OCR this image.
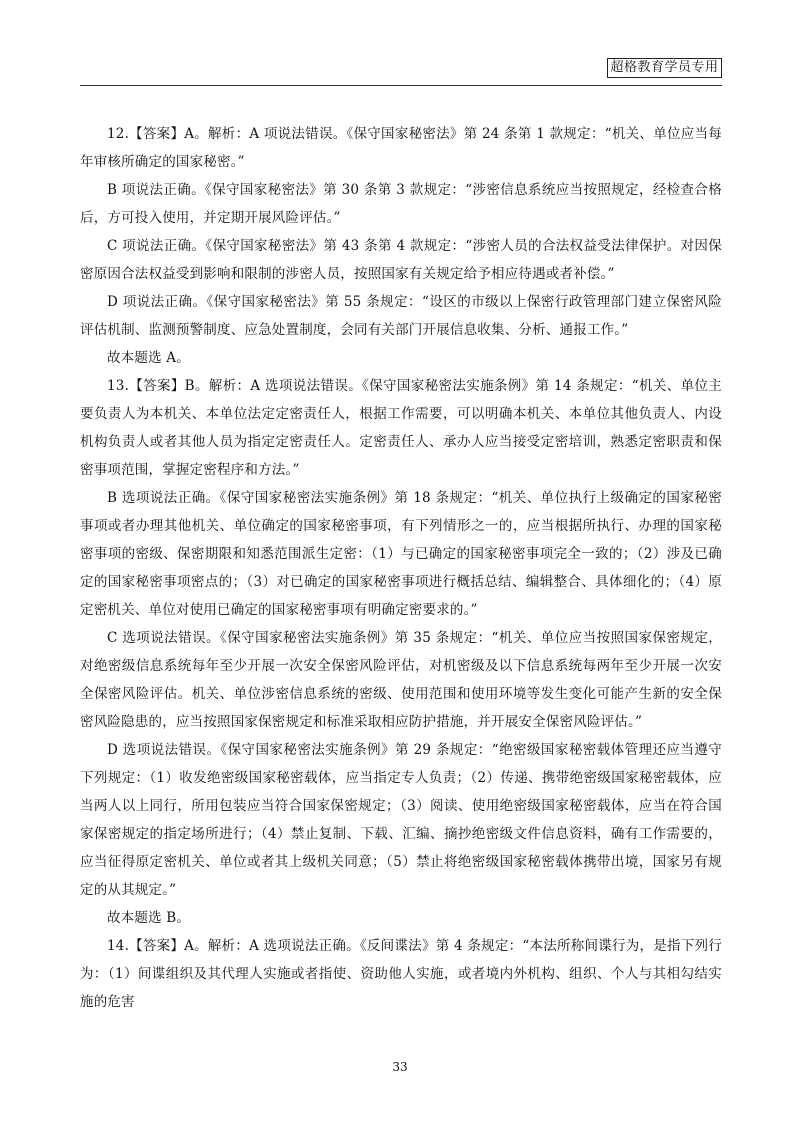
超格教育学员专用

12.【答案】A。解析：A 项说法错误。《保守国家秘密法》第 24 条第 1 款规定：“机关、单位应当每年审核所确定的国家秘密。”

B 项说法正确。《保守国家秘密法》第 30 条第 3 款规定：“涉密信息系统应当按照规定，经检查合格后，方可投入使用，并定期开展风险评估。”

C 项说法正确。《保守国家秘密法》第 43 条第 4 款规定：“涉密人员的合法权益受法律保护。对因保密原因合法权益受到影响和限制的涉密人员，按照国家有关规定给予相应待遇或者补偿。”

D 项说法正确。《保守国家秘密法》第 55 条规定：“设区的市级以上保密行政管理部门建立保密风险评估机制、监测预警制度、应急处置制度，会同有关部门开展信息收集、分析、通报工作。”

故本题选 A。

13.【答案】B。解析：A 选项说法错误。《保守国家秘密法实施条例》第 14 条规定：“机关、单位主要负责人为本机关、本单位法定定密责任人，根据工作需要，可以明确本机关、本单位其他负责人、内设机构负责人或者其他人员为指定定密责任人。定密责任人、承办人应当接受定密培训，熟悉定密职责和保密事项范围，掌握定密程序和方法。”

B 选项说法正确。《保守国家秘密法实施条例》第 18 条规定：“机关、单位执行上级确定的国家秘密事项或者办理其他机关、单位确定的国家秘密事项，有下列情形之一的，应当根据所执行、办理的国家秘密事项的密级、保密期限和知悉范围派生定密：（1）与已确定的国家秘密事项完全一致的；（2）涉及已确定的国家秘密事项密点的；（3）对已确定的国家秘密事项进行概括总结、编辑整合、具体细化的；（4）原定密机关、单位对使用已确定的国家秘密事项有明确定密要求的。”

C 选项说法错误。《保守国家秘密法实施条例》第 35 条规定：“机关、单位应当按照国家保密规定，对绝密级信息系统每年至少开展一次安全保密风险评估，对机密级及以下信息系统每两年至少开展一次安全保密风险评估。机关、单位涉密信息系统的密级、使用范围和使用环境等发生变化可能产生新的安全保密风险隐患的，应当按照国家保密规定和标准采取相应防护措施，并开展安全保密风险评估。”

D 选项说法错误。《保守国家秘密法实施条例》第 29 条规定：“绝密级国家秘密载体管理还应当遵守下列规定：（1）收发绝密级国家秘密载体，应当指定专人负责；（2）传递、携带绝密级国家秘密载体，应当两人以上同行，所用包装应当符合国家保密规定；（3）阅读、使用绝密级国家秘密载体，应当在符合国家保密规定的指定场所进行；（4）禁止复制、下载、汇编、摘抄绝密级文件信息资料，确有工作需要的，应当征得原定密机关、单位或者其上级机关同意；（5）禁止将绝密级国家秘密载体携带出境，国家另有规定的从其规定。”

故本题选 B。

14.【答案】A。解析：A 选项说法正确。《反间谍法》第 4 条规定：“本法所称间谍行为，是指下列行为：（1）间谍组织及其代理人实施或者指使、资助他人实施，或者境内外机构、组织、个人与其相勾结实施的危害

33
